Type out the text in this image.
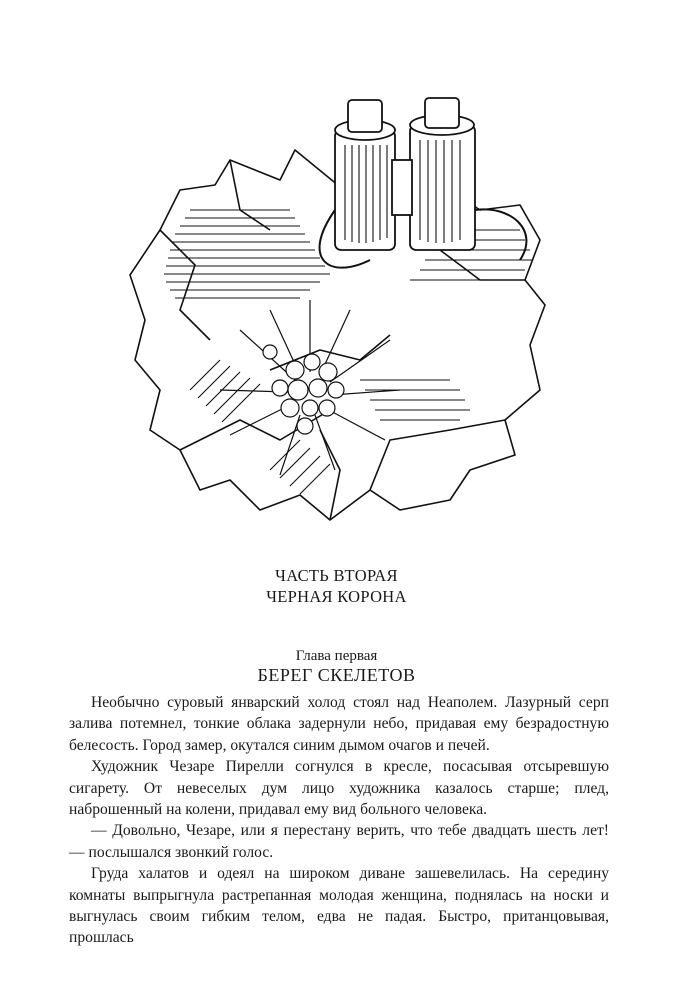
ЧАСТЬ ВТОРАЯ
ЧЕРНАЯ КОРОНА
Глава первая
БЕРЕГ СКЕЛЕТОВ

Необычно суровый январский холод стоял над Неаполем. Лазурный серп залива потемнел, тонкие облака задернули небо, придавая ему безрадостную белесость. Город замер, окутался синим дымом очагов и печей.

Художник Чезаре Пирелли согнулся в кресле, посасывая отсыревшую сигарету. От невеселых дум лицо художника казалось старше; плед, наброшенный на колени, придавал ему вид больного человека.

— Довольно, Чезаре, или я перестану верить, что тебе двадцать шесть лет! — послышался звонкий голос.

Груда халатов и одеял на широком диване зашевелилась. На середину комнаты выпрыгнула растрепанная молодая женщина, поднялась на носки и выгнулась своим гибким телом, едва не падая. Быстро, пританцовывая, прошлась
